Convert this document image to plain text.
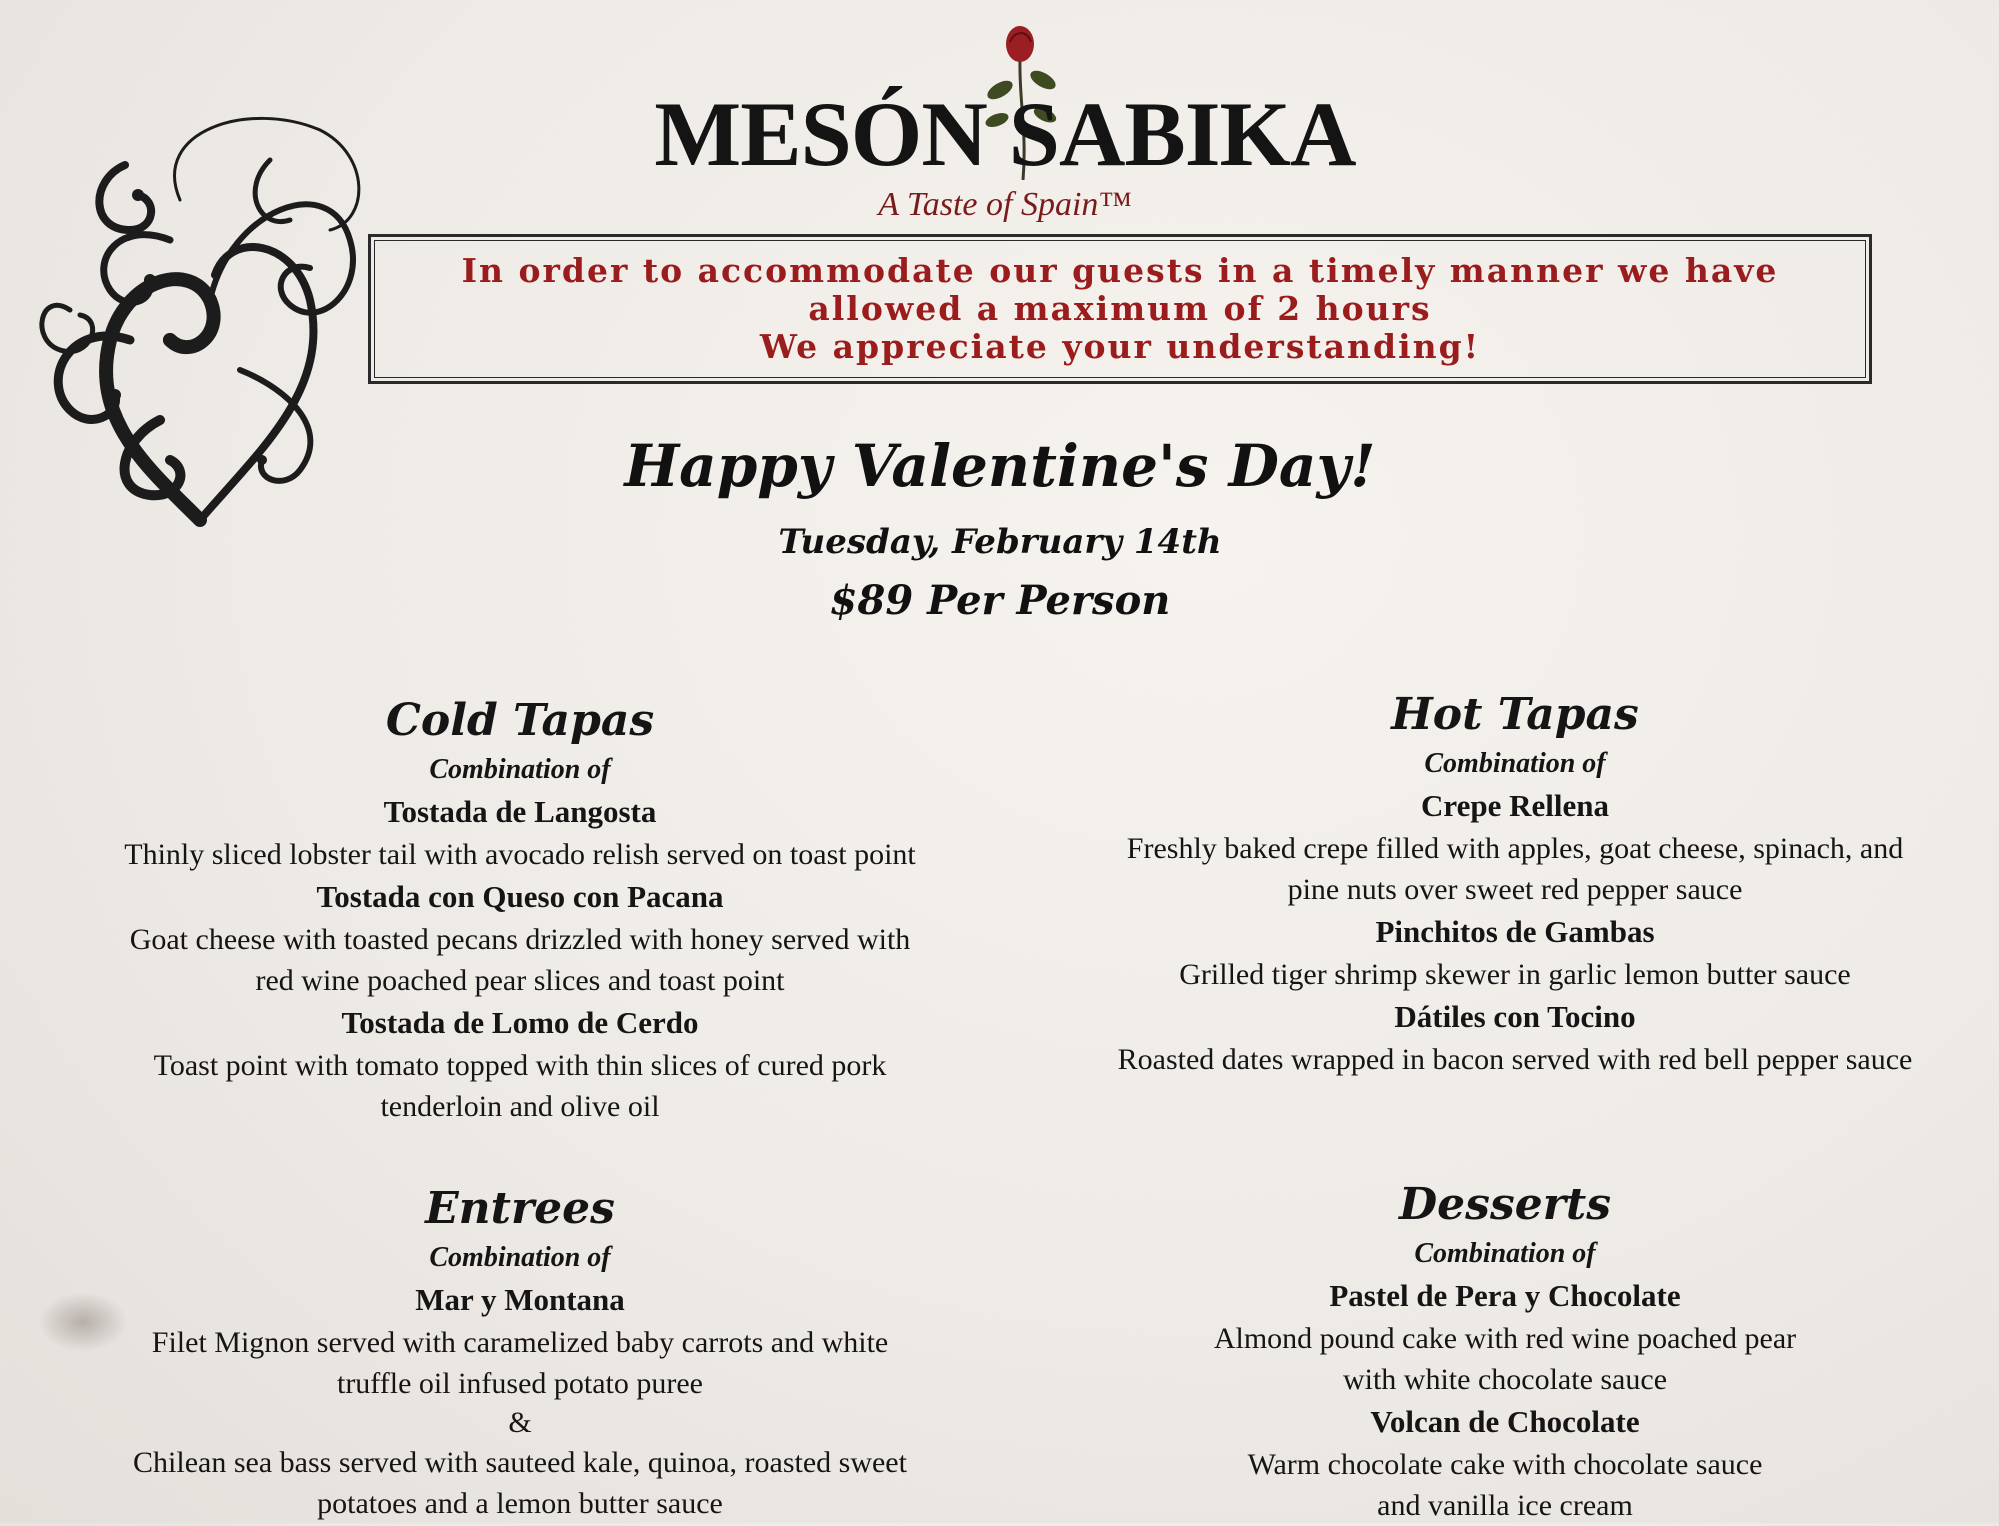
MESÓN SABIKA
A Taste of Spain™
In order to accommodate our guests in a timely manner we have
allowed a maximum of 2 hours
We appreciate your understanding!
Happy Valentine's Day!
Tuesday, February 14th
$89 Per Person
Cold Tapas
Combination of
Tostada de Langosta
Thinly sliced lobster tail with avocado relish served on toast point
Tostada con Queso con Pacana
Goat cheese with toasted pecans drizzled with honey served with
red wine poached pear slices and toast point
Tostada de Lomo de Cerdo
Toast point with tomato topped with thin slices of cured pork
tenderloin and olive oil
Hot Tapas
Combination of
Crepe Rellena
Freshly baked crepe filled with apples, goat cheese, spinach, and
pine nuts over sweet red pepper sauce
Pinchitos de Gambas
Grilled tiger shrimp skewer in garlic lemon butter sauce
Dátiles con Tocino
Roasted dates wrapped in bacon served with red bell pepper sauce
Entrees
Combination of
Mar y Montana
Filet Mignon served with caramelized baby carrots and white
truffle oil infused potato puree
&
Chilean sea bass served with sauteed kale, quinoa, roasted sweet
potatoes and a lemon butter sauce
Desserts
Combination of
Pastel de Pera y Chocolate
Almond pound cake with red wine poached pear
with white chocolate sauce
Volcan de Chocolate
Warm chocolate cake with chocolate sauce
and vanilla ice cream
